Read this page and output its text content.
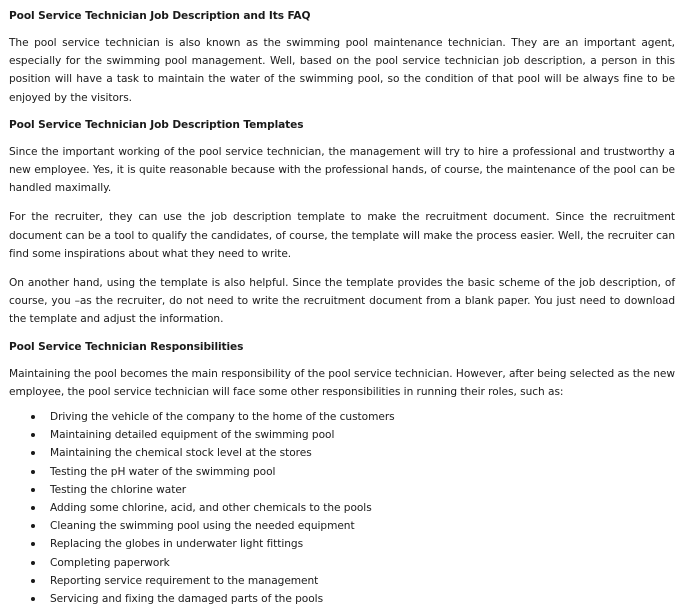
Pool Service Technician Job Description and Its FAQ

The pool service technician is also known as the swimming pool maintenance technician. They are an important agent, especially for the swimming pool management. Well, based on the pool service technician job description, a person in this position will have a task to maintain the water of the swimming pool, so the condition of that pool will be always fine to be enjoyed by the visitors.

Pool Service Technician Job Description Templates

Since the important working of the pool service technician, the management will try to hire a professional and trustworthy a new employee. Yes, it is quite reasonable because with the professional hands, of course, the maintenance of the pool can be handled maximally.

For the recruiter, they can use the job description template to make the recruitment document. Since the recruitment document can be a tool to qualify the candidates, of course, the template will make the process easier. Well, the recruiter can find some inspirations about what they need to write.

On another hand, using the template is also helpful. Since the template provides the basic scheme of the job description, of course, you –as the recruiter, do not need to write the recruitment document from a blank paper. You just need to download the template and adjust the information.

Pool Service Technician Responsibilities

Maintaining the pool becomes the main responsibility of the pool service technician. However, after being selected as the new employee, the pool service technician will face some other responsibilities in running their roles, such as:

Driving the vehicle of the company to the home of the customers
Maintaining detailed equipment of the swimming pool
Maintaining the chemical stock level at the stores
Testing the pH water of the swimming pool
Testing the chlorine water
Adding some chlorine, acid, and other chemicals to the pools
Cleaning the swimming pool using the needed equipment
Replacing the globes in underwater light fittings
Completing paperwork
Reporting service requirement to the management
Servicing and fixing the damaged parts of the pools
